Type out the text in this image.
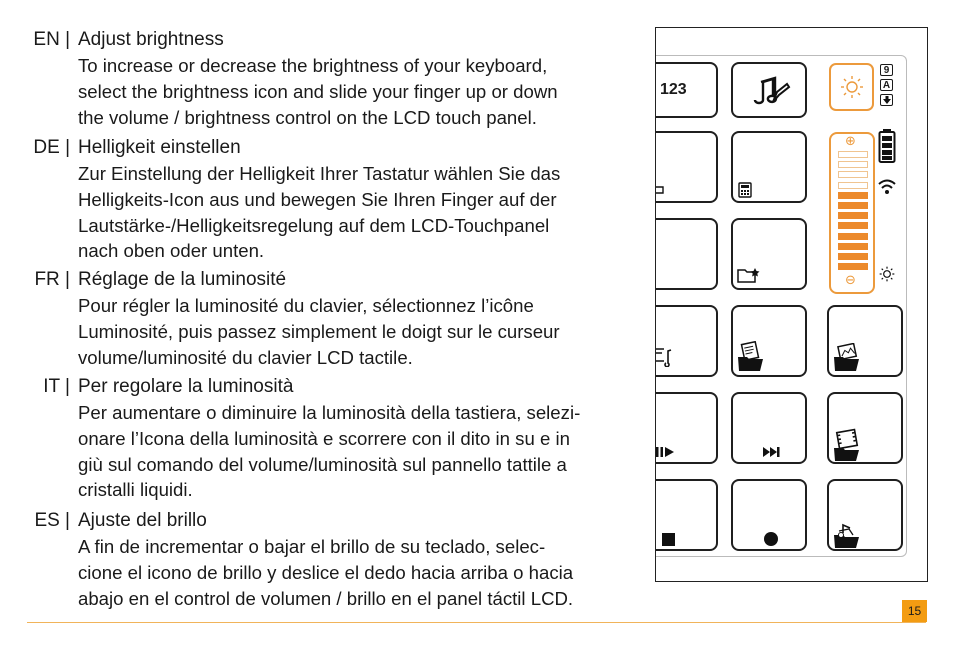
EN | Adjust brightness
To increase or decrease the brightness of your keyboard,
select the brightness icon and slide your finger up or down
the volume / brightness control on the LCD touch panel.
DE | Helligkeit einstellen
Zur Einstellung der Helligkeit Ihrer Tastatur wählen Sie das
Helligkeits-Icon aus und bewegen Sie Ihren Finger auf der
Lautstärke-/Helligkeitsregelung auf dem LCD-Touchpanel
nach oben oder unten.
FR | Réglage de la luminosité
Pour régler la luminosité du clavier, sélectionnez l’icône
Luminosité, puis passez simplement le doigt sur le curseur
volume/luminosité du clavier LCD tactile.
IT | Per regolare la luminosità
Per aumentare o diminuire la luminosità della tastiera, selezi-
onare l’Icona della luminosità e scorrere con il dito in su e in
giù sul comando del volume/luminosità sul pannello tattile a
cristalli liquidi.
ES | Ajuste del brillo
A fin de incrementar o bajar el brillo de su teclado, selec-
cione el icono de brillo y deslice el dedo hacia arriba o hacia
abajo en el control de volumen / brillo en el panel táctil LCD.
123
9
A
⊕
⊖
15
